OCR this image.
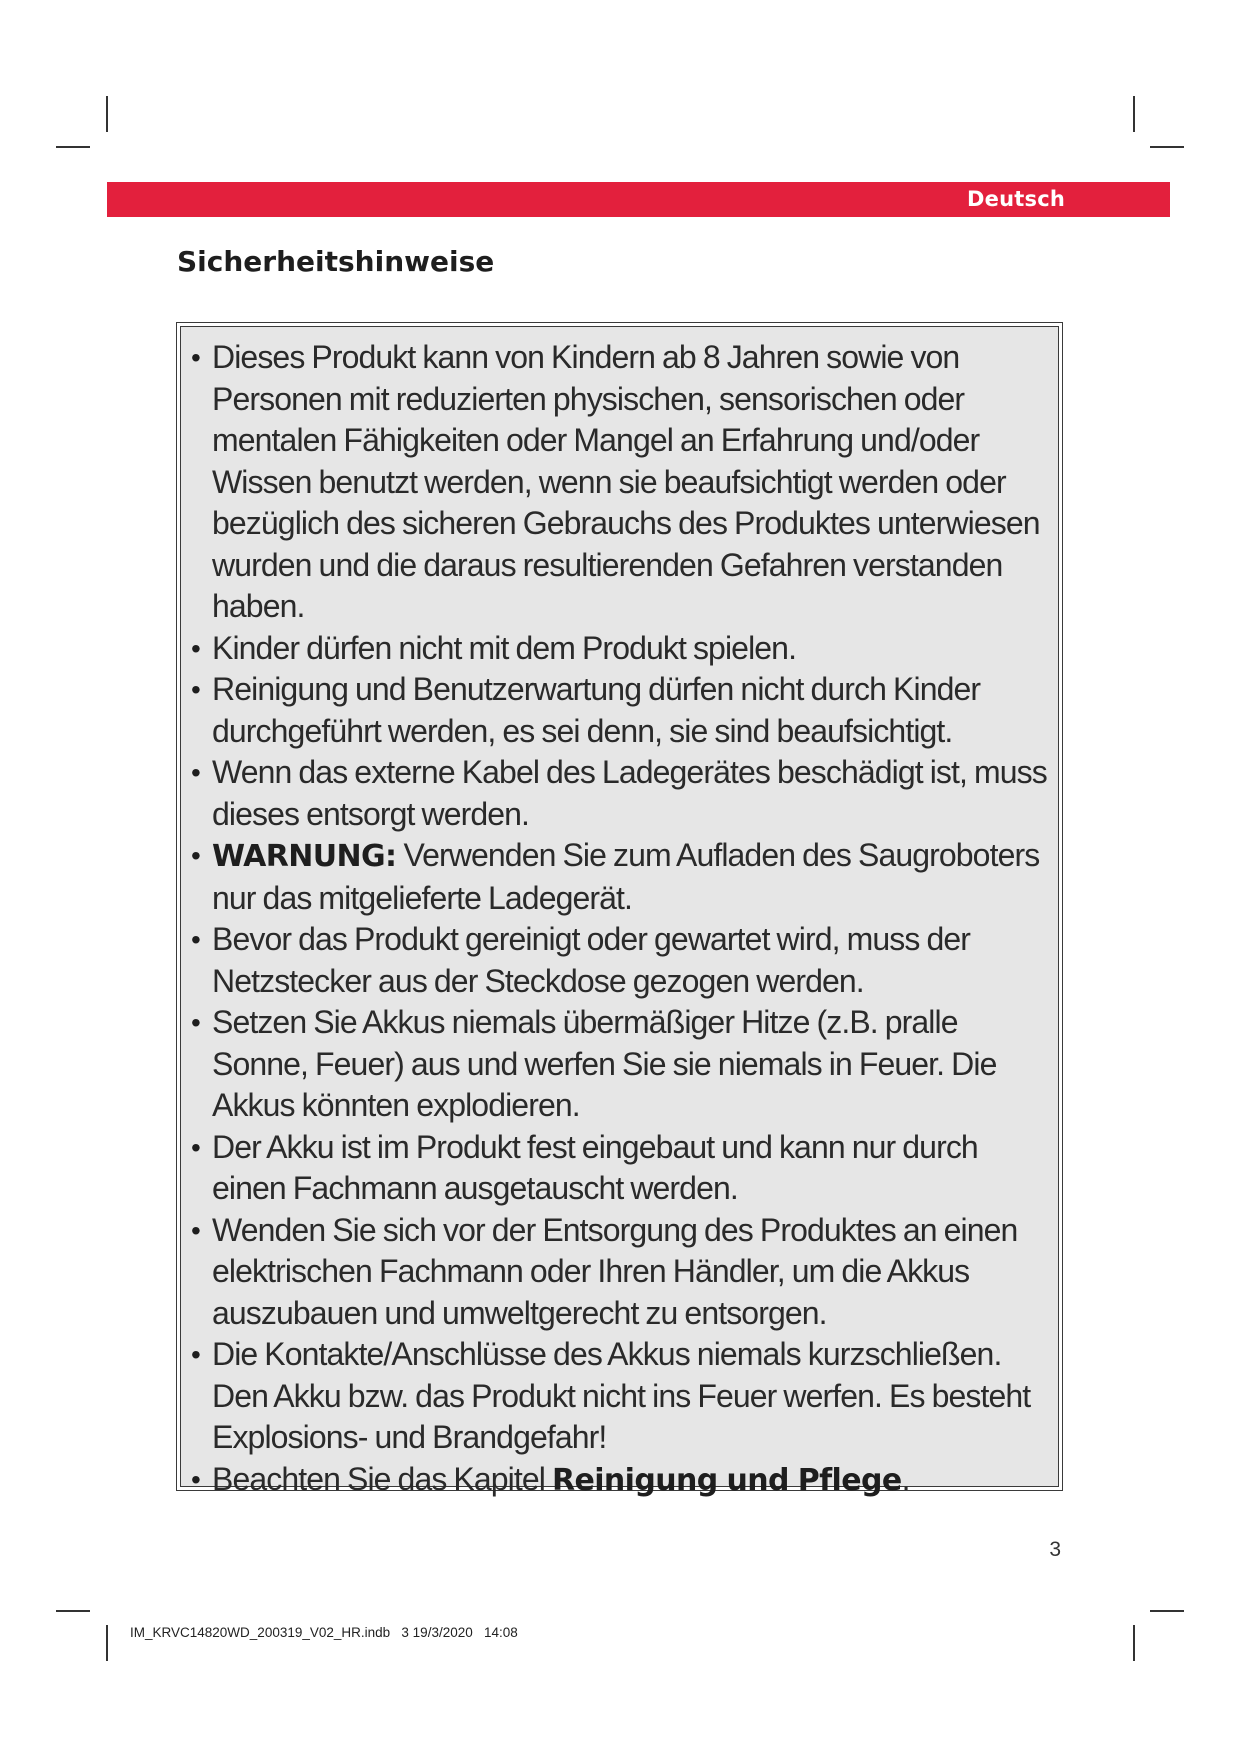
Deutsch
Sicherheitshinweise
• Dieses Produkt kann von Kindern ab 8 Jahren sowie von Personen mit reduzierten physischen, sensorischen oder mentalen Fähigkeiten oder Mangel an Erfahrung und/oder Wissen benutzt werden, wenn sie beaufsichtigt werden oder bezüglich des sicheren Gebrauchs des Produktes unterwiesen wurden und die daraus resultierenden Gefahren verstanden haben.
• Kinder dürfen nicht mit dem Produkt spielen.
• Reinigung und Benutzerwartung dürfen nicht durch Kinder durchgeführt werden, es sei denn, sie sind beaufsichtigt.
• Wenn das externe Kabel des Ladegerätes beschädigt ist, muss dieses entsorgt werden.
• WARNUNG: Verwenden Sie zum Aufladen des Saugroboters nur das mitgelieferte Ladegerät.
• Bevor das Produkt gereinigt oder gewartet wird, muss der Netzstecker aus der Steckdose gezogen werden.
• Setzen Sie Akkus niemals übermäßiger Hitze (z.B. pralle Sonne, Feuer) aus und werfen Sie sie niemals in Feuer. Die Akkus könnten explodieren.
• Der Akku ist im Produkt fest eingebaut und kann nur durch einen Fachmann ausgetauscht werden.
• Wenden Sie sich vor der Entsorgung des Produktes an einen elektrischen Fachmann oder Ihren Händler, um die Akkus auszubauen und umweltgerecht zu entsorgen.
• Die Kontakte/Anschlüsse des Akkus niemals kurzschließen. Den Akku bzw. das Produkt nicht ins Feuer werfen. Es besteht Explosions- und Brandgefahr!
• Beachten Sie das Kapitel Reinigung und Pflege.
3
IM_KRVC14820WD_200319_V02_HR.indb   3 19/3/2020   14:08
